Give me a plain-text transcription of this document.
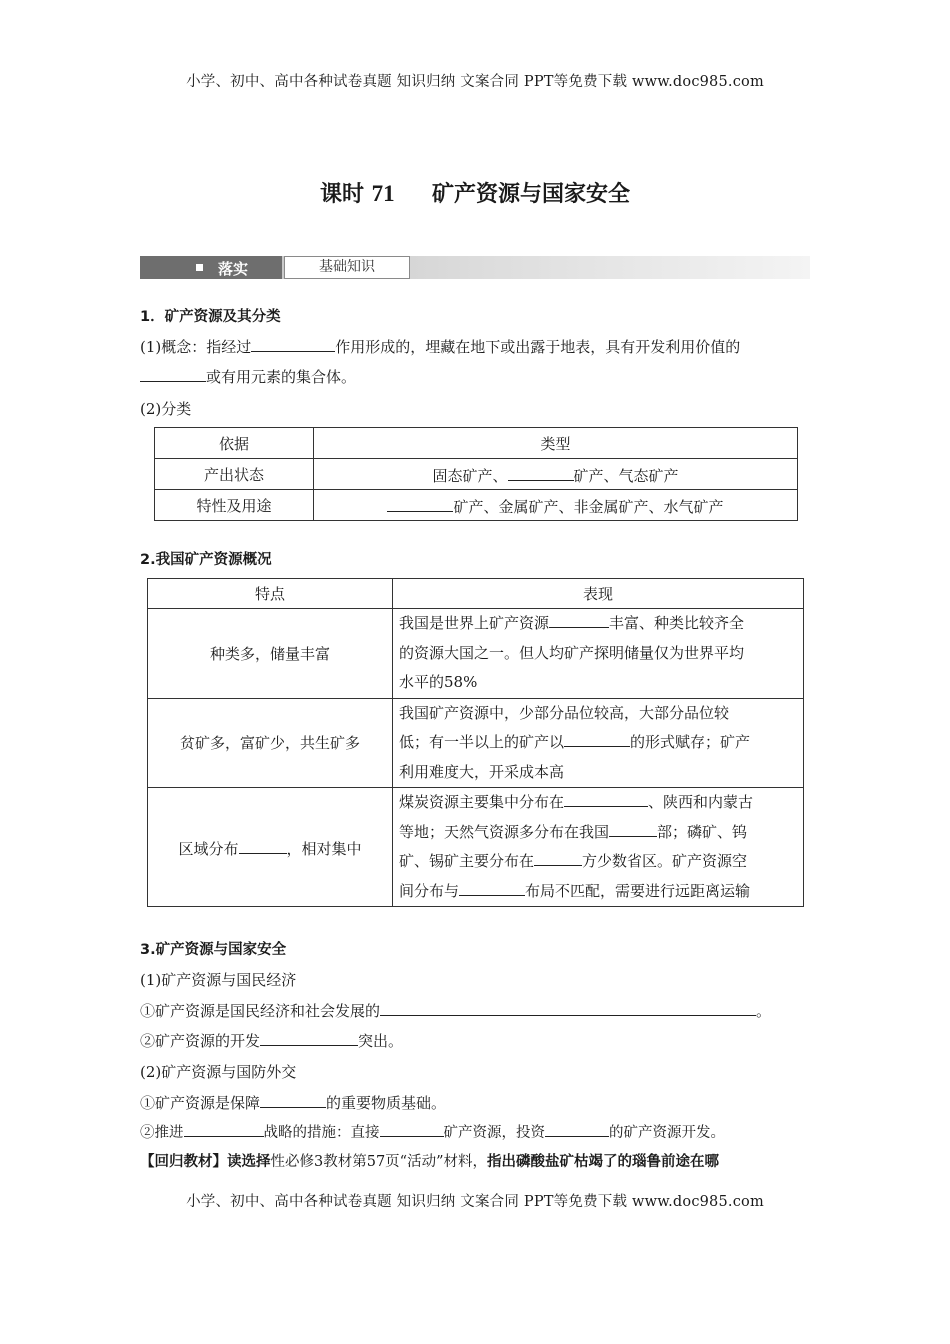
小学、初中、高中各种试卷真题 知识归纳 文案合同 PPT等免费下载 www.doc985.com
课时 71 矿产资源与国家安全
落实	基础知识
1．矿产资源及其分类
(1)概念：指经过	作用形成的，埋藏在地下或出露于地表，具有开发利用价值的
或有用元素的集合体。
(2)分类
依据	类型
产出状态	固态矿产、 矿产、气态矿产
特性及用途	矿产、金属矿产、非金属矿产、水气矿产
2.我国矿产资源概况
特点	表现
种类多，储量丰富	我国是世界上矿产资源 丰富、种类比较齐全
的资源大国之一。但人均矿产探明储量仅为世界平均
水平的58%

贫矿多，富矿少，共生矿多	我国矿产资源中，少部分品位较高，大部分品位较
低；有一半以上的矿产以 的形式赋存；矿产
利用难度大，开采成本高

区域分布 ，相对集中	煤炭资源主要集中分布在 、陕西和内蒙古
等地；天然气资源多分布在我国 部；磷矿、钨
矿、锡矿主要分布在 方少数省区。矿产资源空
间分布与 布局不匹配，需要进行远距离运输
3.矿产资源与国家安全
(1)矿产资源与国民经济
①矿产资源是国民经济和社会发展的	。
②矿产资源的开发	突出。
(2)矿产资源与国防外交
①矿产资源是保障	的重要物质基础。
②推进	战略的措施：直接	矿产资源，投资	的矿产资源开发。
【回归教材】读选择性必修3教材第57页“活动”材料，指出磷酸盐矿枯竭了的瑙鲁前途在哪
小学、初中、高中各种试卷真题 知识归纳 文案合同 PPT等免费下载 www.doc985.com
